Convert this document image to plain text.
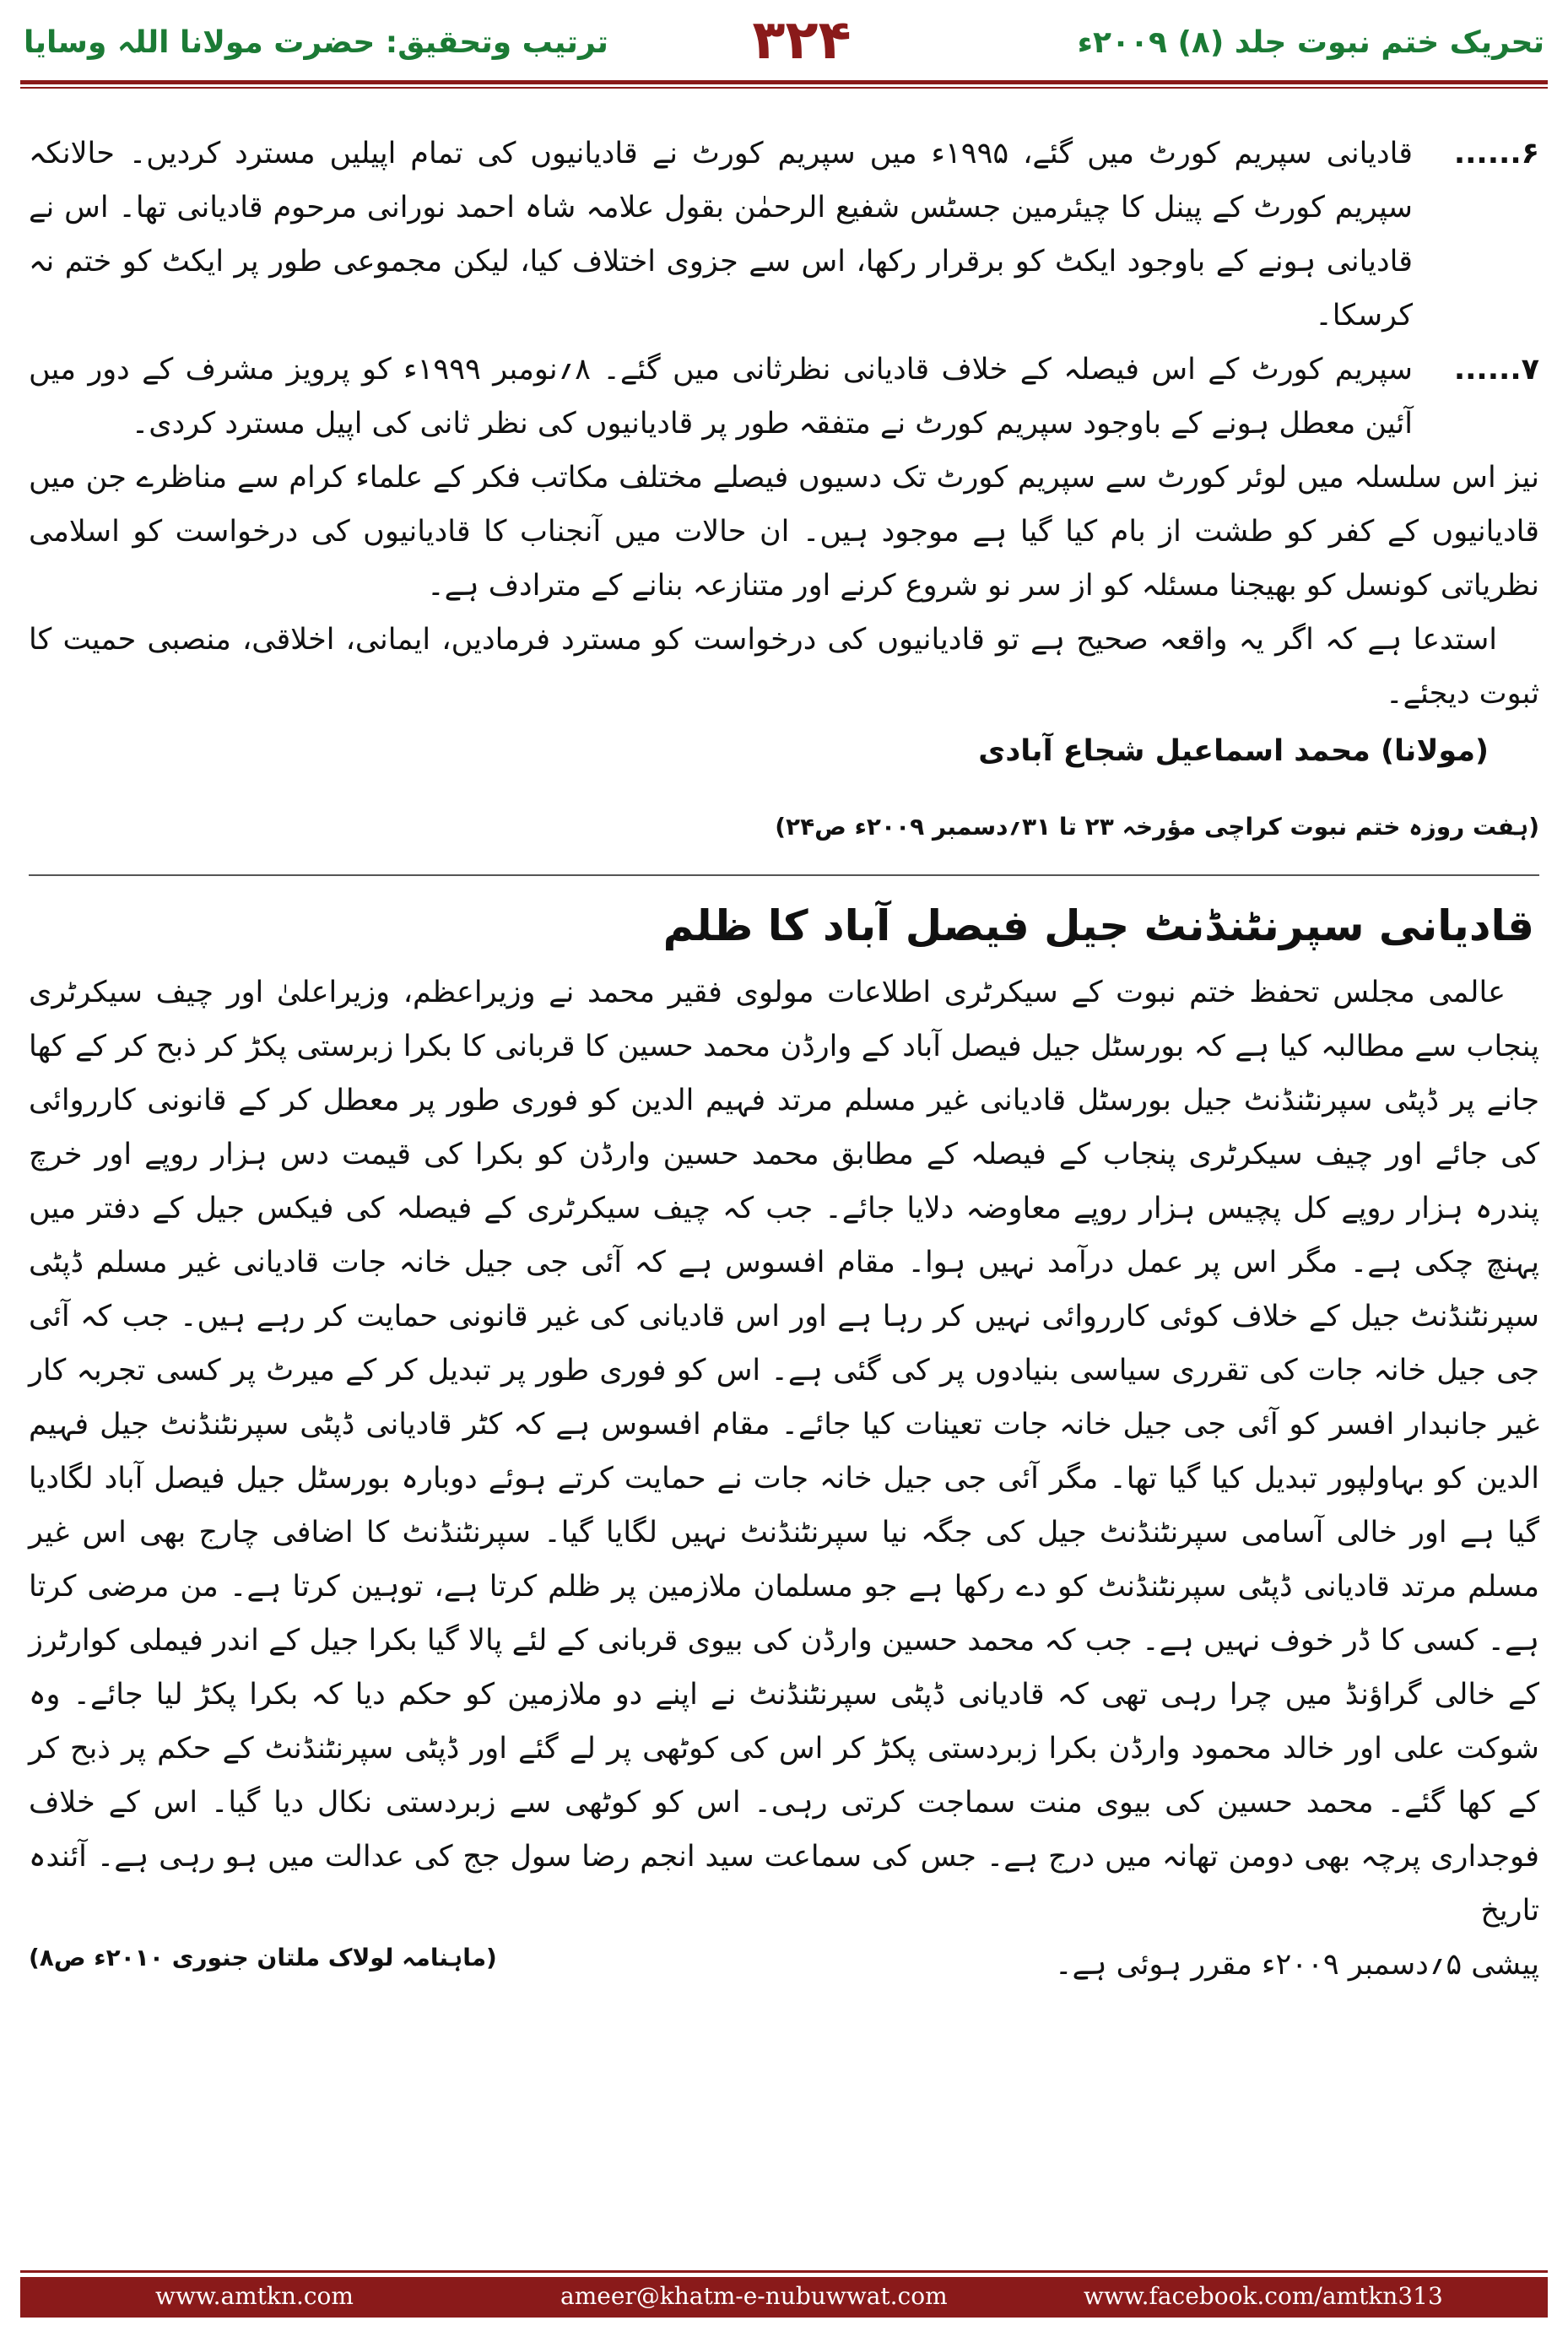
تحریک ختم نبوت جلد (۸) ۲۰۰۹ء
۳۲۴
ترتیب وتحقیق: حضرت مولانا اللہ وسایا
۶......

قادیانی سپریم کورٹ میں گئے، ۱۹۹۵ء میں سپریم کورٹ نے قادیانیوں کی تمام اپیلیں مسترد کردیں۔ حالانکہ سپریم کورٹ کے پینل کا چیئرمین جسٹس شفیع الرحمٰن بقول علامہ شاہ احمد نورانی مرحوم قادیانی تھا۔ اس نے قادیانی ہونے کے باوجود ایکٹ کو برقرار رکھا، اس سے جزوی اختلاف کیا، لیکن مجموعی طور پر ایکٹ کو ختم نہ کرسکا۔

۷......

سپریم کورٹ کے اس فیصلہ کے خلاف قادیانی نظرثانی میں گئے۔ ۸؍نومبر ۱۹۹۹ء کو پرویز مشرف کے دور میں آئین معطل ہونے کے باوجود سپریم کورٹ نے متفقہ طور پر قادیانیوں کی نظر ثانی کی اپیل مسترد کردی۔

نیز اس سلسلہ میں لوئر کورٹ سے سپریم کورٹ تک دسیوں فیصلے مختلف مکاتب فکر کے علماء کرام سے مناظرے جن میں قادیانیوں کے کفر کو طشت از بام کیا گیا ہے موجود ہیں۔ ان حالات میں آنجناب کا قادیانیوں کی درخواست کو اسلامی نظریاتی کونسل کو بھیجنا مسئلہ کو از سر نو شروع کرنے اور متنازعہ بنانے کے مترادف ہے۔

استدعا ہے کہ اگر یہ واقعہ صحیح ہے تو قادیانیوں کی درخواست کو مسترد فرمادیں، ایمانی، اخلاقی، منصبی حمیت کا ثبوت دیجئے۔

(مولانا) محمد اسماعیل شجاع آبادی
(ہفت روزہ ختم نبوت کراچی مؤرخہ ۲۳ تا ۳۱؍دسمبر ۲۰۰۹ء ص۲۴)
قادیانی سپرنٹنڈنٹ جیل فیصل آباد کا ظلم

عالمی مجلس تحفظ ختم نبوت کے سیکرٹری اطلاعات مولوی فقیر محمد نے وزیراعظم، وزیراعلیٰ اور چیف سیکرٹری پنجاب سے مطالبہ کیا ہے کہ بورسٹل جیل فیصل آباد کے وارڈن محمد حسین کا قربانی کا بکرا زبرستی پکڑ کر ذبح کر کے کھا جانے پر ڈپٹی سپرنٹنڈنٹ جیل بورسٹل قادیانی غیر مسلم مرتد فہیم الدین کو فوری طور پر معطل کر کے قانونی کارروائی کی جائے اور چیف سیکرٹری پنجاب کے فیصلہ کے مطابق محمد حسین وارڈن کو بکرا کی قیمت دس ہزار روپے اور خرچ پندرہ ہزار روپے کل پچیس ہزار روپے معاوضہ دلایا جائے۔ جب کہ چیف سیکرٹری کے فیصلہ کی فیکس جیل کے دفتر میں پہنچ چکی ہے۔ مگر اس پر عمل درآمد نہیں ہوا۔ مقام افسوس ہے کہ آئی جی جیل خانہ جات قادیانی غیر مسلم ڈپٹی سپرنٹنڈنٹ جیل کے خلاف کوئی کارروائی نہیں کر رہا ہے اور اس قادیانی کی غیر قانونی حمایت کر رہے ہیں۔ جب کہ آئی جی جیل خانہ جات کی تقرری سیاسی بنیادوں پر کی گئی ہے۔ اس کو فوری طور پر تبدیل کر کے میرٹ پر کسی تجربہ کار غیر جانبدار افسر کو آئی جی جیل خانہ جات تعینات کیا جائے۔ مقام افسوس ہے کہ کٹر قادیانی ڈپٹی سپرنٹنڈنٹ جیل فہیم الدین کو بہاولپور تبدیل کیا گیا تھا۔ مگر آئی جی جیل خانہ جات نے حمایت کرتے ہوئے دوبارہ بورسٹل جیل فیصل آباد لگادیا گیا ہے اور خالی آسامی سپرنٹنڈنٹ جیل کی جگہ نیا سپرنٹنڈنٹ نہیں لگایا گیا۔ سپرنٹنڈنٹ کا اضافی چارج بھی اس غیر مسلم مرتد قادیانی ڈپٹی سپرنٹنڈنٹ کو دے رکھا ہے جو مسلمان ملازمین پر ظلم کرتا ہے، توہین کرتا ہے۔ من مرضی کرتا ہے۔ کسی کا ڈر خوف نہیں ہے۔ جب کہ محمد حسین وارڈن کی بیوی قربانی کے لئے پالا گیا بکرا جیل کے اندر فیملی کوارٹرز کے خالی گراؤنڈ میں چرا رہی تھی کہ قادیانی ڈپٹی سپرنٹنڈنٹ نے اپنے دو ملازمین کو حکم دیا کہ بکرا پکڑ لیا جائے۔ وہ شوکت علی اور خالد محمود وارڈن بکرا زبردستی پکڑ کر اس کی کوٹھی پر لے گئے اور ڈپٹی سپرنٹنڈنٹ کے حکم پر ذبح کر کے کھا گئے۔ محمد حسین کی بیوی منت سماجت کرتی رہی۔ اس کو کوٹھی سے زبردستی نکال دیا گیا۔ اس کے خلاف فوجداری پرچہ بھی دومن تھانہ میں درج ہے۔ جس کی سماعت سید انجم رضا سول جج کی عدالت میں ہو رہی ہے۔ آئندہ تاریخ

پیشی ۵؍دسمبر ۲۰۰۹ء مقرر ہوئی ہے۔
(ماہنامہ لولاک ملتان جنوری ۲۰۱۰ء ص۸)
www.amtkn.com	ameer@khatm-e-nubuwwat.com	www.facebook.com/amtkn313
